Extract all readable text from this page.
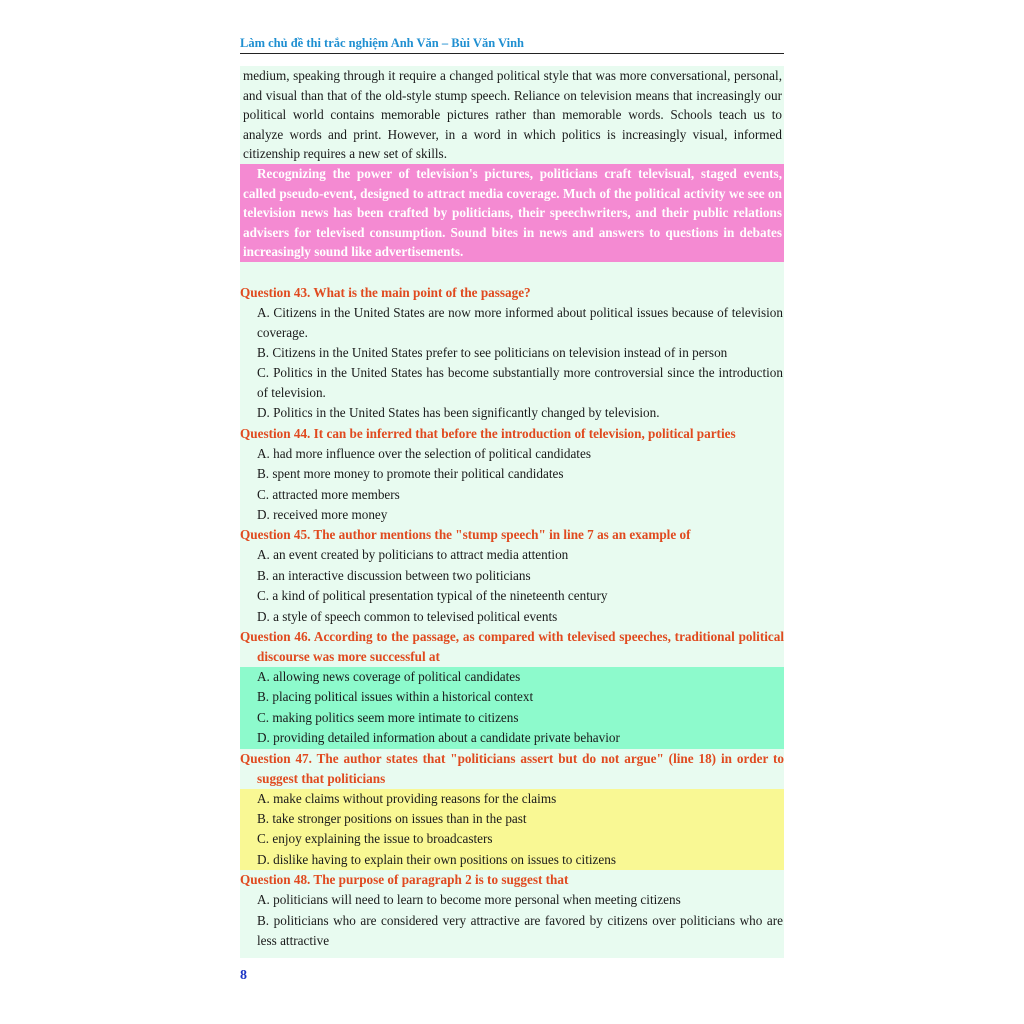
Làm chủ đề thi trắc nghiệm Anh Văn – Bùi Văn Vinh
medium, speaking through it require a changed political style that was more conversational, personal, and visual than that of the old-style stump speech. Reliance on television means that increasingly our political world contains memorable pictures rather than memorable words. Schools teach us to analyze words and print. However, in a word in which politics is increasingly visual, informed citizenship requires a new set of skills.
Recognizing the power of television's pictures, politicians craft televisual, staged events, called pseudo-event, designed to attract media coverage. Much of the political activity we see on television news has been crafted by politicians, their speechwriters, and their public relations advisers for televised consumption. Sound bites in news and answers to questions in debates increasingly sound like advertisements.
Question 43. What is the main point of the passage?
A. Citizens in the United States are now more informed about political issues because of television coverage.
B. Citizens in the United States prefer to see politicians on television instead of in person
C. Politics in the United States has become substantially more controversial since the introduction of television.
D. Politics in the United States has been significantly changed by television.
Question 44. It can be inferred that before the introduction of television, political parties
A. had more influence over the selection of political candidates
B. spent more money to promote their political candidates
C. attracted more members
D. received more money
Question 45. The author mentions the "stump speech" in line 7 as an example of
A. an event created by politicians to attract media attention
B. an interactive discussion between two politicians
C. a kind of political presentation typical of the nineteenth century
D. a style of speech common to televised political events
Question 46. According to the passage, as compared with televised speeches, traditional political discourse was more successful at
A. allowing news coverage of political candidates
B. placing political issues within a historical context
C. making politics seem more intimate to citizens
D. providing detailed information about a candidate private behavior
Question 47. The author states that "politicians assert but do not argue" (line 18) in order to suggest that politicians
A. make claims without providing reasons for the claims
B. take stronger positions on issues than in the past
C. enjoy explaining the issue to broadcasters
D. dislike having to explain their own positions on issues to citizens
Question 48. The purpose of paragraph 2 is to suggest that
A. politicians will need to learn to become more personal when meeting citizens
B. politicians who are considered very attractive are favored by citizens over politicians who are less attractive
8
